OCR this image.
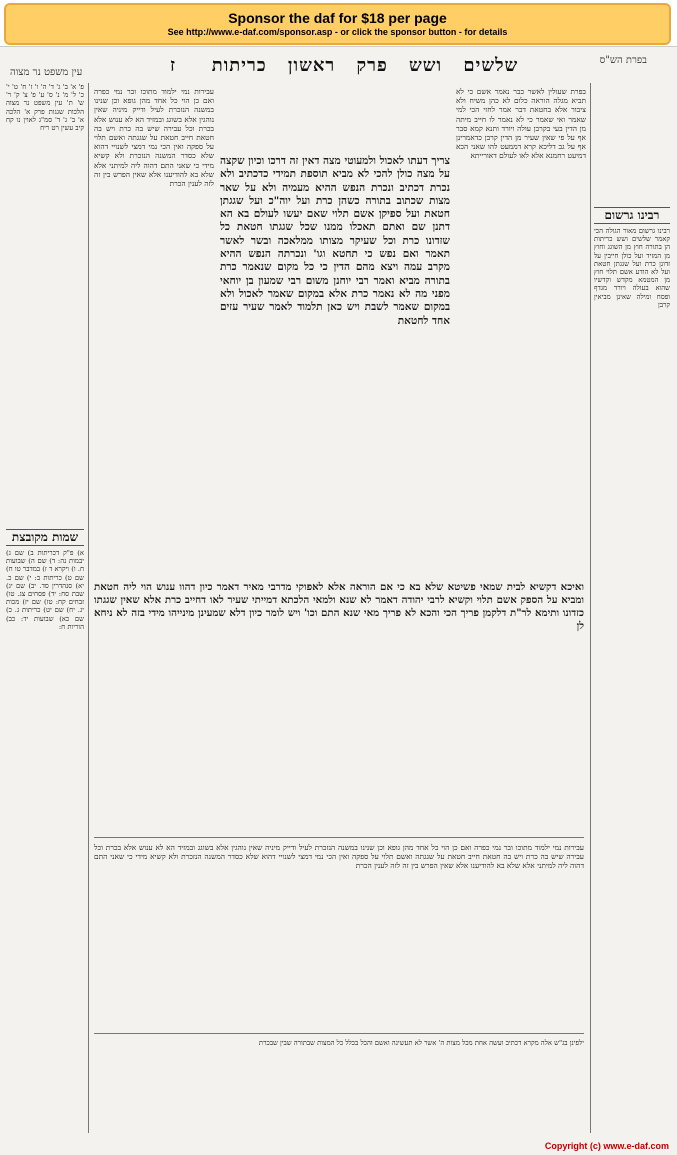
Sponsor the daf for $18 per page
See http://www.e-daf.com/sponsor.asp - or click the sponsor button - for details
שלשים ושש פרק ראשון כריתות
ז	בפרת הש"ס
עין משפט נר מצוה

פ' א' ב' ג' ד' ה' ו' ז' ח' ט' י' כ' ל' מ' נ' ס' ע' פ' צ' ק' ר' ש' ת' עין משפט נר מצוה הלכות שגגות פרק א' הלכה א' ב' ג' ד' סמ"ג לאוין נו קח קיב עשין רט ריח

שמות מקובצת

א) פ"ק דכריתות ב) שם ג) יבמות נה: ד) שם ה) שבועות ח. ו) ויקרא ד ז) במדבר טו ח) שם ט) כריתות ב: י) שם כ. יא) סנהדרין סד. יב) שם יג) שבת סח: יד) פסחים צג. טו) זבחים קח: טז) שם יז) מכות יג. יח) שם יט) כריתות ג. כ) שם כא) שבועות יד: כב) הוריות ח:

עבירות נמי ילמוד מתוכו ובר נמי כפרה ואם כן הוי כל אחד מהן גופא וכן שנינו במשנה הנזכרת לעיל ודייק מיניה שאין נוהגין אלא בשוגג ובמזיד הא לא ענוש אלא בכרת וכל עבירה שיש בה כרת ויש בה חטאת חייב חטאת על שגגתה ואשם תלוי על ספקה ואין הכי נמי דמצי לשנויי דהוא שלא כסדר המשנה הנזכרת ולא קשיא מידי כי שאני התם דהוה ליה למיתני אלא שלא בא להודיענו אלא שאין הפרש בין זה לזה לענין הכרת

צריך דעתו לאכול ולמעוטי מצה דאין זה דרכו וכיון שקצה על מצה כולן להכי לא מביא תוספת תמידי כדכתיב ולא נכרת דכתיב ונכרת הנפש ההיא מעמיה ולא על שאר מצות שכתוב בתורה כשהן כרת ועל יוה"כ ועל שגגתן חטאת ועל ספיקן אשם תלוי שאם יעשו לעולם בא הא דתנן שם ואתם תאכלו ממנו שכל שגגתו חטאת כל שזדונו כרת וכל שעיקר מצותו ממלאכה ובשר לאשר תאמר ואם נפש כי תחטא וגו' ונכרתה הנפש ההיא מקרב עמה ויצא מהם הדין כי כל מקום שנאמר כרת בתורה מביא ואמר רבי יוחנן משום רבי שמעון בן יוחאי מפני מה לא נאמר כרת אלא במקום שאמר לאכול ולא במקום שאמר לשבת ויש כאן תלמוד לאמר שעיר עזים אחד לחטאת

בפרת שעולין לאשר כבר נאמר אשם כי לא תביא מגלה הוראה כלום לא כהן משיח ולא ציבור אלא בחטאת דבר אמר לחזי הכי למי שאמר ואי שאמר כי לא נאמר לו חייב מיתה מן הדין בעי בקרבן עולה ויורד ותנא קמא סבר אף על פי שאין שעיר מן הדין קרבן כדאמרינן אף על גב דליכא קרא דממעט להו שאני הכא דמיעט רחמנא אלא לאו לעולם דאורייתא

רבינו גרשום

רבינו גרשום מאור הגולה הכי קאמר שלשים ושש כריתות הן בתורה חוץ מן השוגג וחוץ מן המזיד ועל כולן חייבין על זדונן כרת ועל שגגתן חטאת ועל לא הודע אשם תלוי חוץ מן המטמא מקדש וקדשיו שהוא בעולה ויורד מגדף ופסח ומילה שאינן מביאין קרבן

ואיכא דקשיא לבית שמאי פשיטא שלא בא כי אם הוראה אלא לאפוקי מדרבי מאיר דאמר כיון דהוו ענוש הוי ליה חטאת ומביא על הספק אשם תלוי וקשיא לרבי יהודה דאמר לא שנא ולמאי הלכתא דמייתי שעיר לאו דחייב כרת אלא שאין שגגתו כזדונו ותימא לר"ת דלקמן פריך הכי והכא לא פריך מאי שנא התם וכו' ויש לומר כיון דלא שמעינן מינייהו מידי בזה לא ניחא לן

עבירות נמי ילמוד מתוכו ובר נמי כפרה ואם כן הוי כל אחד מהן גופא וכן שנינו במשנה הנזכרת לעיל ודייק מיניה שאין נוהגין אלא בשוגג ובמזיד הא לא ענוש אלא בכרת וכל עבירה שיש בה כרת ויש בה חטאת חייב חטאת על שגגתה ואשם תלוי על ספקה ואין הכי נמי דמצי לשנויי דהוא שלא כסדר המשנה הנזכרת ולא קשיא מידי כי שאני התם דהוה ליה למיתני אלא שלא בא להודיענו אלא שאין הפרש בין זה לזה לענין הכרת

ילפינן בג"ש אלה מקרא דכתיב ועשה אחת מכל מצות ה' אשר לא תעשינה ואשם והכל בכלל כל המצות שבתורה שבין שבכרת

Copyright (c) www.e-daf.com
